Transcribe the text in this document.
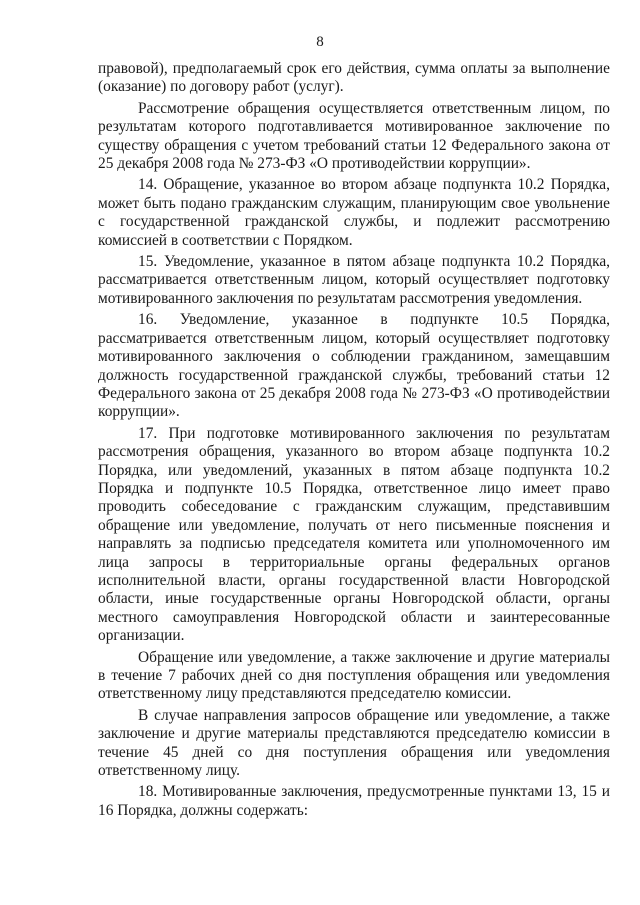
8

правовой), предполагаемый срок его действия, сумма оплаты за выполнение (оказание) по договору работ (услуг).

Рассмотрение обращения осуществляется ответственным лицом, по результатам которого подготавливается мотивированное заключение по существу обращения с учетом требований статьи 12 Федерального закона от 25 декабря 2008 года № 273-ФЗ «О противодействии коррупции».

14. Обращение, указанное во втором абзаце подпункта 10.2 Порядка, может быть подано гражданским служащим, планирующим свое увольнение с государственной гражданской службы, и подлежит рассмотрению комиссией в соответствии с Порядком.

15. Уведомление, указанное в пятом абзаце подпункта 10.2 Порядка, рассматривается ответственным лицом, который осуществляет подготовку мотивированного заключения по результатам рассмотрения уведомления.

16. Уведомление, указанное в подпункте 10.5 Порядка, рассматривается ответственным лицом, который осуществляет подготовку мотивированного заключения о соблюдении гражданином, замещавшим должность государственной гражданской службы, требований статьи 12 Федерального закона от 25 декабря 2008 года № 273-ФЗ «О противодействии коррупции».

17. При подготовке мотивированного заключения по результатам рассмотрения обращения, указанного во втором абзаце подпункта 10.2 Порядка, или уведомлений, указанных в пятом абзаце подпункта 10.2 Порядка и подпункте 10.5 Порядка, ответственное лицо имеет право проводить собеседование с гражданским служащим, представившим обращение или уведомление, получать от него письменные пояснения и направлять за подписью председателя комитета или уполномоченного им лица запросы в территориальные органы федеральных органов исполнительной власти, органы государственной власти Новгородской области, иные государственные органы Новгородской области, органы местного самоуправления Новгородской области и заинтересованные организации.

Обращение или уведомление, а также заключение и другие материалы в течение 7 рабочих дней со дня поступления обращения или уведомления ответственному лицу представляются председателю комиссии.

В случае направления запросов обращение или уведомление, а также заключение и другие материалы представляются председателю комиссии в течение 45 дней со дня поступления обращения или уведомления ответственному лицу.

18. Мотивированные заключения, предусмотренные пунктами 13, 15 и 16 Порядка, должны содержать:
